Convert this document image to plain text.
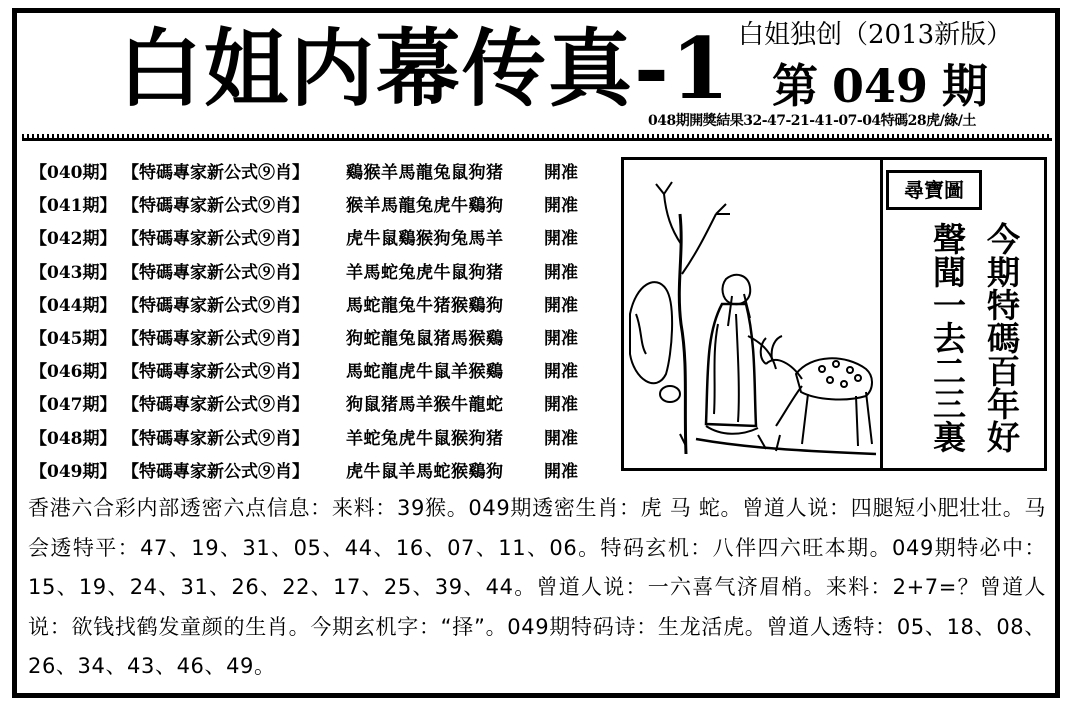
白姐内幕传真-1 白姐独创（2013新版）
第 049 期
048期開獎結果32-47-21-41-07-04特碼28虎/綠/土
【040期】 【特碼專家新公式⑨肖】 鷄猴羊馬龍兔鼠狗猪 開准
【041期】 【特碼專家新公式⑨肖】 猴羊馬龍兔虎牛鷄狗 開准
【042期】 【特碼專家新公式⑨肖】 虎牛鼠鷄猴狗兔馬羊 開准
【043期】 【特碼專家新公式⑨肖】 羊馬蛇兔虎牛鼠狗猪 開准
【044期】 【特碼專家新公式⑨肖】 馬蛇龍兔牛猪猴鷄狗 開准
【045期】 【特碼專家新公式⑨肖】 狗蛇龍兔鼠猪馬猴鷄 開准
【046期】 【特碼專家新公式⑨肖】 馬蛇龍虎牛鼠羊猴鷄 開准
【047期】 【特碼專家新公式⑨肖】 狗鼠猪馬羊猴牛龍蛇 開准
【048期】 【特碼專家新公式⑨肖】 羊蛇兔虎牛鼠猴狗猪 開准
【049期】 【特碼專家新公式⑨肖】 虎牛鼠羊馬蛇猴鷄狗 開准
尋寶圖
今期特碼百年好
聲聞一去二三裏

香港六合彩内部透密六点信息：来料：39猴。049期透密生肖：虎 马 蛇。曾道人说：四腿短小肥壮壮。马会透特平：47、19、31、05、44、16、07、11、06。特码玄机：八伴四六旺本期。049期特必中：15、19、24、31、26、22、17、25、39、44。曾道人说：一六喜气济眉梢。来料：2+7=？曾道人说：欲钱找鹤发童颜的生肖。今期玄机字：“择”。049期特码诗：生龙活虎。曾道人透特：05、18、08、26、34、43、46、49。
